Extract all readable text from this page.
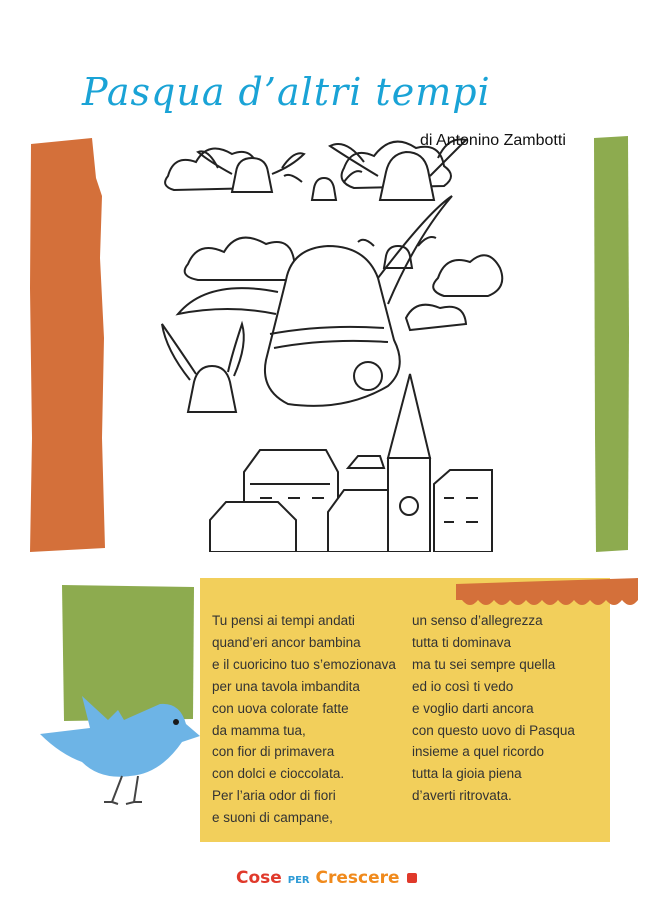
Pasqua d’altri tempi
di Antonino Zambotti
Tu pensi ai tempi andati
quand’eri ancor bambina
e il cuoricino tuo s’emozionava
per una tavola imbandita
con uova colorate fatte
da mamma tua,
con fior di primavera
con dolci e cioccolata.
Per l’aria odor di fiori
e suoni di campane,
un senso d’allegrezza
tutta ti dominava
ma tu sei sempre quella
ed io così ti vedo
e voglio darti ancora
con questo uovo di Pasqua
insieme a quel ricordo
tutta la gioia piena
d’averti ritrovata.
Cose PER Crescere
